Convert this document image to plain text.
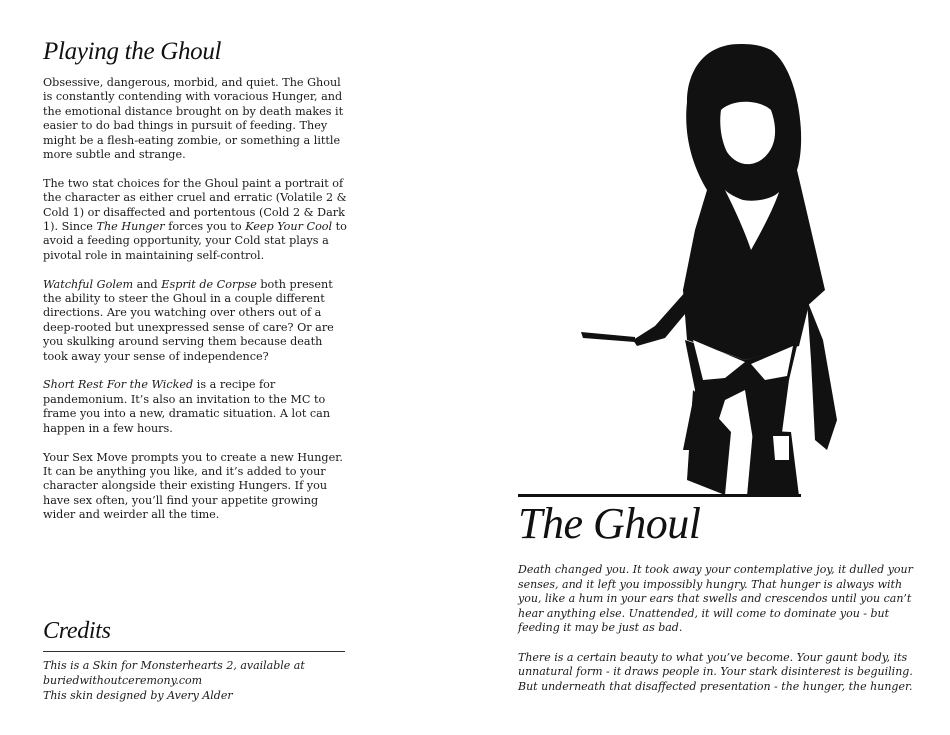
Playing the Ghoul

Obsessive, dangerous, morbid, and quiet. The Ghoul is constantly contending with voracious Hunger, and the emotional distance brought on by death makes it easier to do bad things in pursuit of feeding. They might be a flesh-eating zombie, or something a little more subtle and strange.

The two stat choices for the Ghoul paint a portrait of the character as either cruel and erratic (Volatile 2 & Cold 1) or disaffected and portentous (Cold 2 & Dark 1). Since The Hunger forces you to Keep Your Cool to avoid a feeding opportunity, your Cold stat plays a pivotal role in maintaining self-control.

Watchful Golem and Esprit de Corpse both present the ability to steer the Ghoul in a couple different directions. Are you watching over others out of a deep-rooted but unexpressed sense of care? Or are you skulking around serving them because death took away your sense of independence?

Short Rest For the Wicked is a recipe for pandemonium. It’s also an invitation to the MC to frame you into a new, dramatic situation. A lot can happen in a few hours.

Your Sex Move prompts you to create a new Hunger. It can be anything you like, and it’s added to your character alongside their existing Hungers. If you have sex often, you’ll find your appetite growing wider and weirder all the time.

Credits

This is a Skin for Monsterhearts 2, available at buriedwithoutceremony.com

This skin designed by Avery Alder

The Ghoul

Death changed you. It took away your contemplative joy, it dulled your senses, and it left you impossibly hungry. That hunger is always with you, like a hum in your ears that swells and crescendos until you can’t hear anything else. Unattended, it will come to dominate you - but feeding it may be just as bad.

There is a certain beauty to what you’ve become. Your gaunt body, its unnatural form - it draws people in. Your stark disinterest is beguiling. But underneath that disaffected presentation - the hunger, the hunger.
